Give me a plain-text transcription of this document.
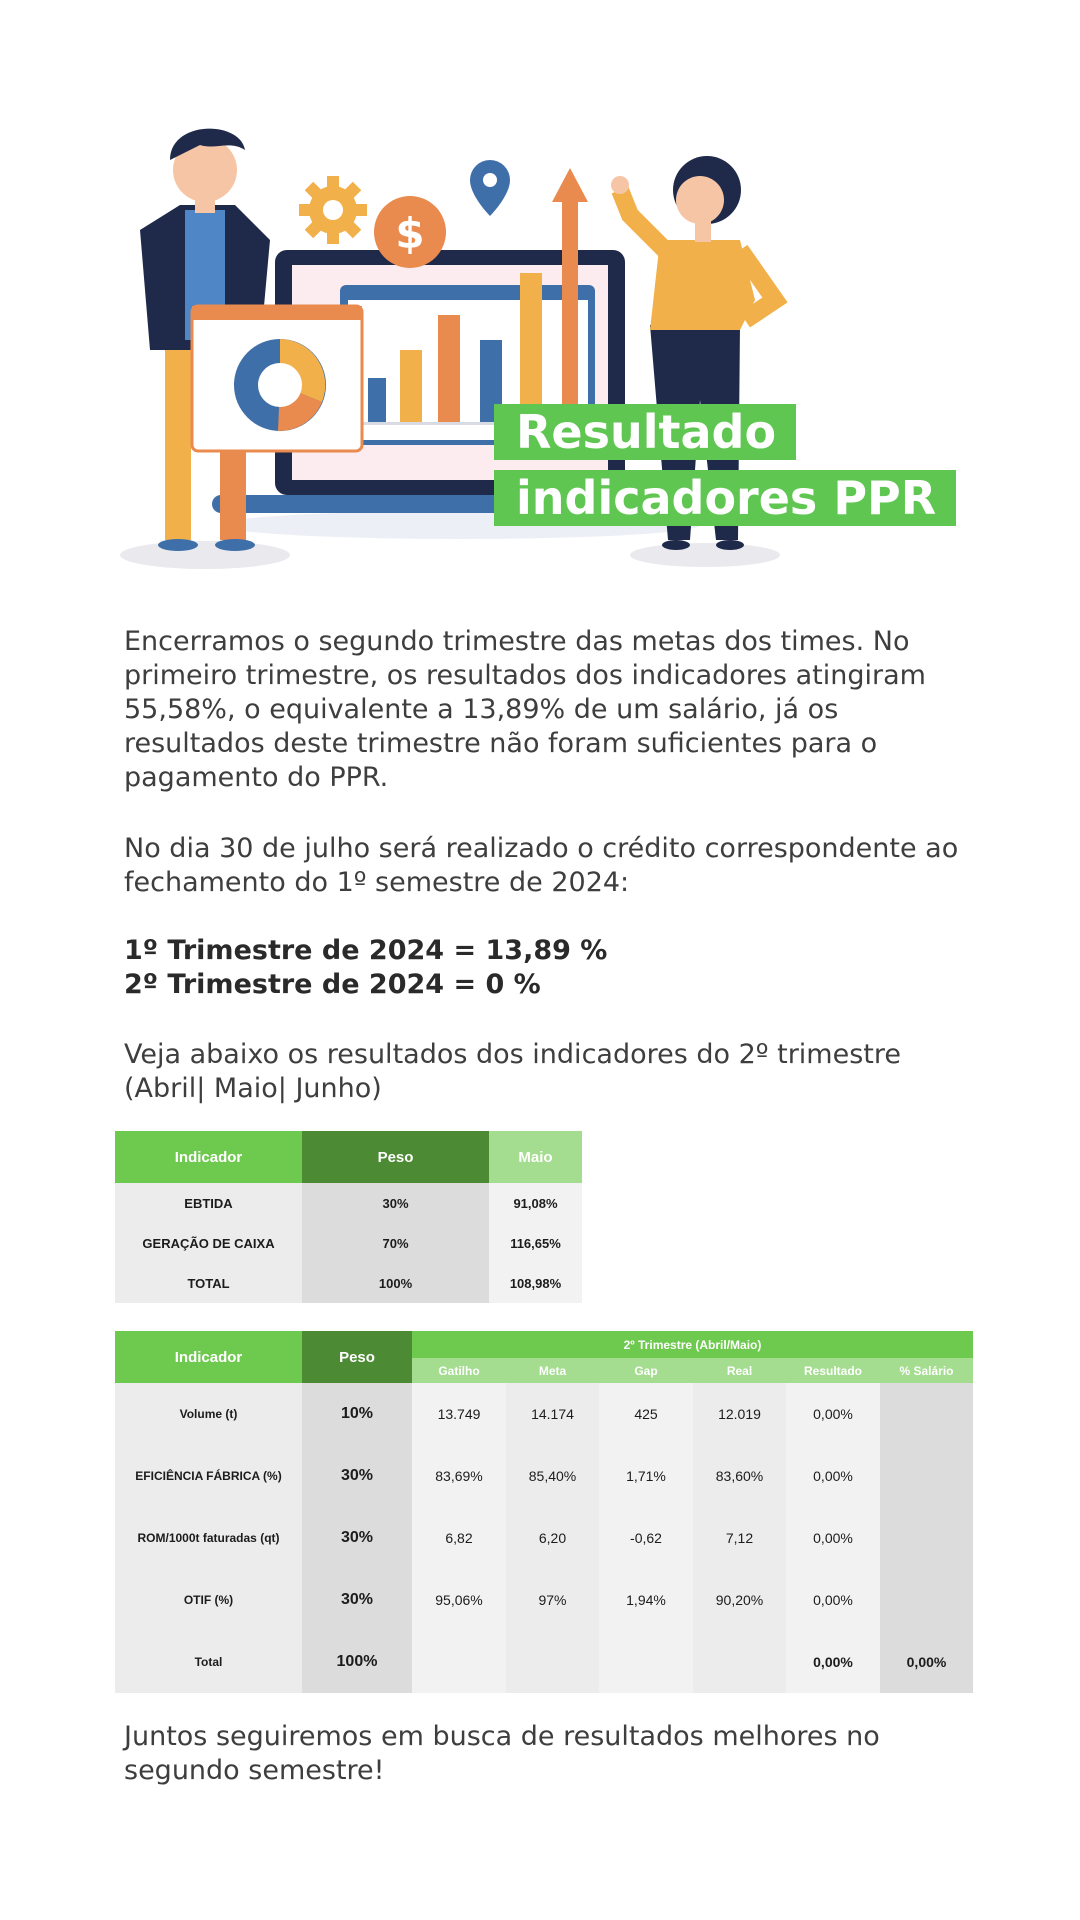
$
Resultado
indicadores PPR

Encerramos o segundo trimestre das metas dos times. No primeiro trimestre, os resultados dos indicadores atingiram 55,58%, o equivalente a 13,89% de um salário, já os resultados deste trimestre não foram suficientes para o pagamento do PPR.

No dia 30 de julho será realizado o crédito correspondente ao fechamento do 1º semestre de 2024:

1º Trimestre de 2024 = 13,89 %

2º Trimestre de 2024 = 0 %

Veja abaixo os resultados dos indicadores do 2º trimestre (Abril| Maio| Junho)

Indicador	Peso	Maio
EBTIDA	30%	91,08%
GERAÇÃO DE CAIXA	70%	116,65%
TOTAL	100%	108,98%
Indicador	Peso	2º Trimestre (Abril/Maio)					
		Gatilho	Meta	Gap	Real	Resultado	% Salário
Volume (t)	10%	13.749	14.174	425	12.019	0,00%	
EFICIÊNCIA FÁBRICA (%)	30%	83,69%	85,40%	1,71%	83,60%	0,00%	
ROM/1000t faturadas (qt)	30%	6,82	6,20	-0,62	7,12	0,00%	
OTIF (%)	30%	95,06%	97%	1,94%	90,20%	0,00%	
Total	100%					0,00%	0,00%

Juntos seguiremos em busca de resultados melhores no segundo semestre!
